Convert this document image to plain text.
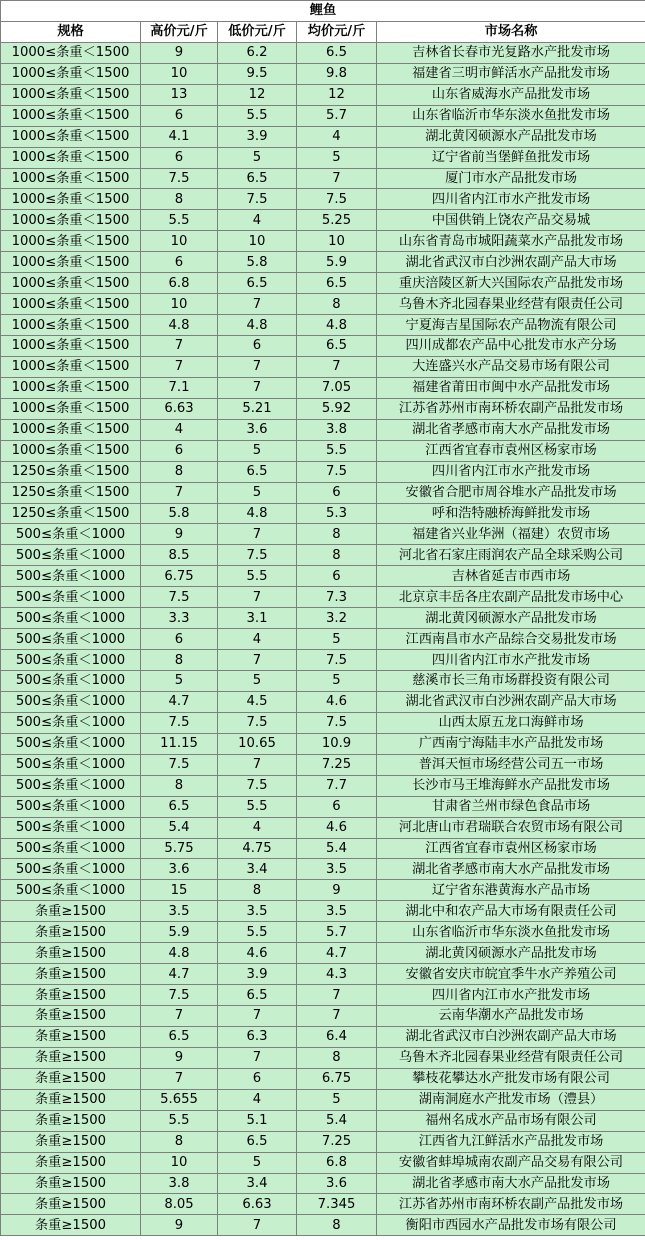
鲤鱼				
规格	高价元/斤	低价元/斤	均价元/斤	市场名称
1000≤条重＜1500	9	6.2	6.5	吉林省长春市光复路水产批发市场
1000≤条重＜1500	10	9.5	9.8	福建省三明市鲜活水产品批发市场
1000≤条重＜1500	13	12	12	山东省威海水产品批发市场
1000≤条重＜1500	6	5.5	5.7	山东省临沂市华东淡水鱼批发市场
1000≤条重＜1500	4.1	3.9	4	湖北黄冈硕源水产品批发市场
1000≤条重＜1500	6	5	5	辽宁省前当堡鲜鱼批发市场
1000≤条重＜1500	7.5	6.5	7	厦门市水产品批发市场
1000≤条重＜1500	8	7.5	7.5	四川省内江市水产批发市场
1000≤条重＜1500	5.5	4	5.25	中国供销上饶农产品交易城
1000≤条重＜1500	10	10	10	山东省青岛市城阳蔬菜水产品批发市场
1000≤条重＜1500	6	5.8	5.9	湖北省武汉市白沙洲农副产品大市场
1000≤条重＜1500	6.8	6.5	6.5	重庆涪陵区新大兴国际农产品批发市场
1000≤条重＜1500	10	7	8	乌鲁木齐北园春果业经营有限责任公司
1000≤条重＜1500	4.8	4.8	4.8	宁夏海吉星国际农产品物流有限公司
1000≤条重＜1500	7	6	6.5	四川成都农产品中心批发市水产分场
1000≤条重＜1500	7	7	7	大连盛兴水产品交易市场有限公司
1000≤条重＜1500	7.1	7	7.05	福建省莆田市闽中水产品批发市场
1000≤条重＜1500	6.63	5.21	5.92	江苏省苏州市南环桥农副产品批发市场
1000≤条重＜1500	4	3.6	3.8	湖北省孝感市南大水产品批发市场
1000≤条重＜1500	6	5	5.5	江西省宜春市袁州区杨家市场
1250≤条重＜1500	8	6.5	7.5	四川省内江市水产批发市场
1250≤条重＜1500	7	5	6	安徽省合肥市周谷堆水产品批发市场
1250≤条重＜1500	5.8	4.8	5.3	呼和浩特融桥海鲜批发市场
500≤条重＜1000	9	7	8	福建省兴业华洲（福建）农贸市场
500≤条重＜1000	8.5	7.5	8	河北省石家庄雨润农产品全球采购公司
500≤条重＜1000	6.75	5.5	6	吉林省延吉市西市场
500≤条重＜1000	7.5	7	7.3	北京京丰岳各庄农副产品批发市场中心
500≤条重＜1000	3.3	3.1	3.2	湖北黄冈硕源水产品批发市场
500≤条重＜1000	6	4	5	江西南昌市水产品综合交易批发市场
500≤条重＜1000	8	7	7.5	四川省内江市水产批发市场
500≤条重＜1000	5	5	5	慈溪市长三角市场群投资有限公司
500≤条重＜1000	4.7	4.5	4.6	湖北省武汉市白沙洲农副产品大市场
500≤条重＜1000	7.5	7.5	7.5	山西太原五龙口海鲜市场
500≤条重＜1000	11.15	10.65	10.9	广西南宁海陆丰水产品批发市场
500≤条重＜1000	7.5	7	7.25	普洱天恒市场经营公司五一市场
500≤条重＜1000	8	7.5	7.7	长沙市马王堆海鲜水产品批发市场
500≤条重＜1000	6.5	5.5	6	甘肃省兰州市绿色食品市场
500≤条重＜1000	5.4	4	4.6	河北唐山市君瑞联合农贸市场有限公司
500≤条重＜1000	5.75	4.75	5.4	江西省宜春市袁州区杨家市场
500≤条重＜1000	3.6	3.4	3.5	湖北省孝感市南大水产品批发市场
500≤条重＜1000	15	8	9	辽宁省东港黄海水产品市场
条重≥1500	3.5	3.5	3.5	湖北中和农产品大市场有限责任公司
条重≥1500	5.9	5.5	5.7	山东省临沂市华东淡水鱼批发市场
条重≥1500	4.8	4.6	4.7	湖北黄冈硕源水产品批发市场
条重≥1500	4.7	3.9	4.3	安徽省安庆市皖宜季牛水产养殖公司
条重≥1500	7.5	6.5	7	四川省内江市水产批发市场
条重≥1500	7	7	7	云南华潮水产品批发市场
条重≥1500	6.5	6.3	6.4	湖北省武汉市白沙洲农副产品大市场
条重≥1500	9	7	8	乌鲁木齐北园春果业经营有限责任公司
条重≥1500	7	6	6.75	攀枝花攀达水产批发市场有限公司
条重≥1500	5.655	4	5	湖南洞庭水产批发市场（澧县）
条重≥1500	5.5	5.1	5.4	福州名成水产品市场有限公司
条重≥1500	8	6.5	7.25	江西省九江鲜活水产品批发市场
条重≥1500	10	5	6.8	安徽省蚌埠城南农副产品交易有限公司
条重≥1500	3.8	3.4	3.6	湖北省孝感市南大水产品批发市场
条重≥1500	8.05	6.63	7.345	江苏省苏州市南环桥农副产品批发市场
条重≥1500	9	7	8	衡阳市西园水产品批发市场有限公司
